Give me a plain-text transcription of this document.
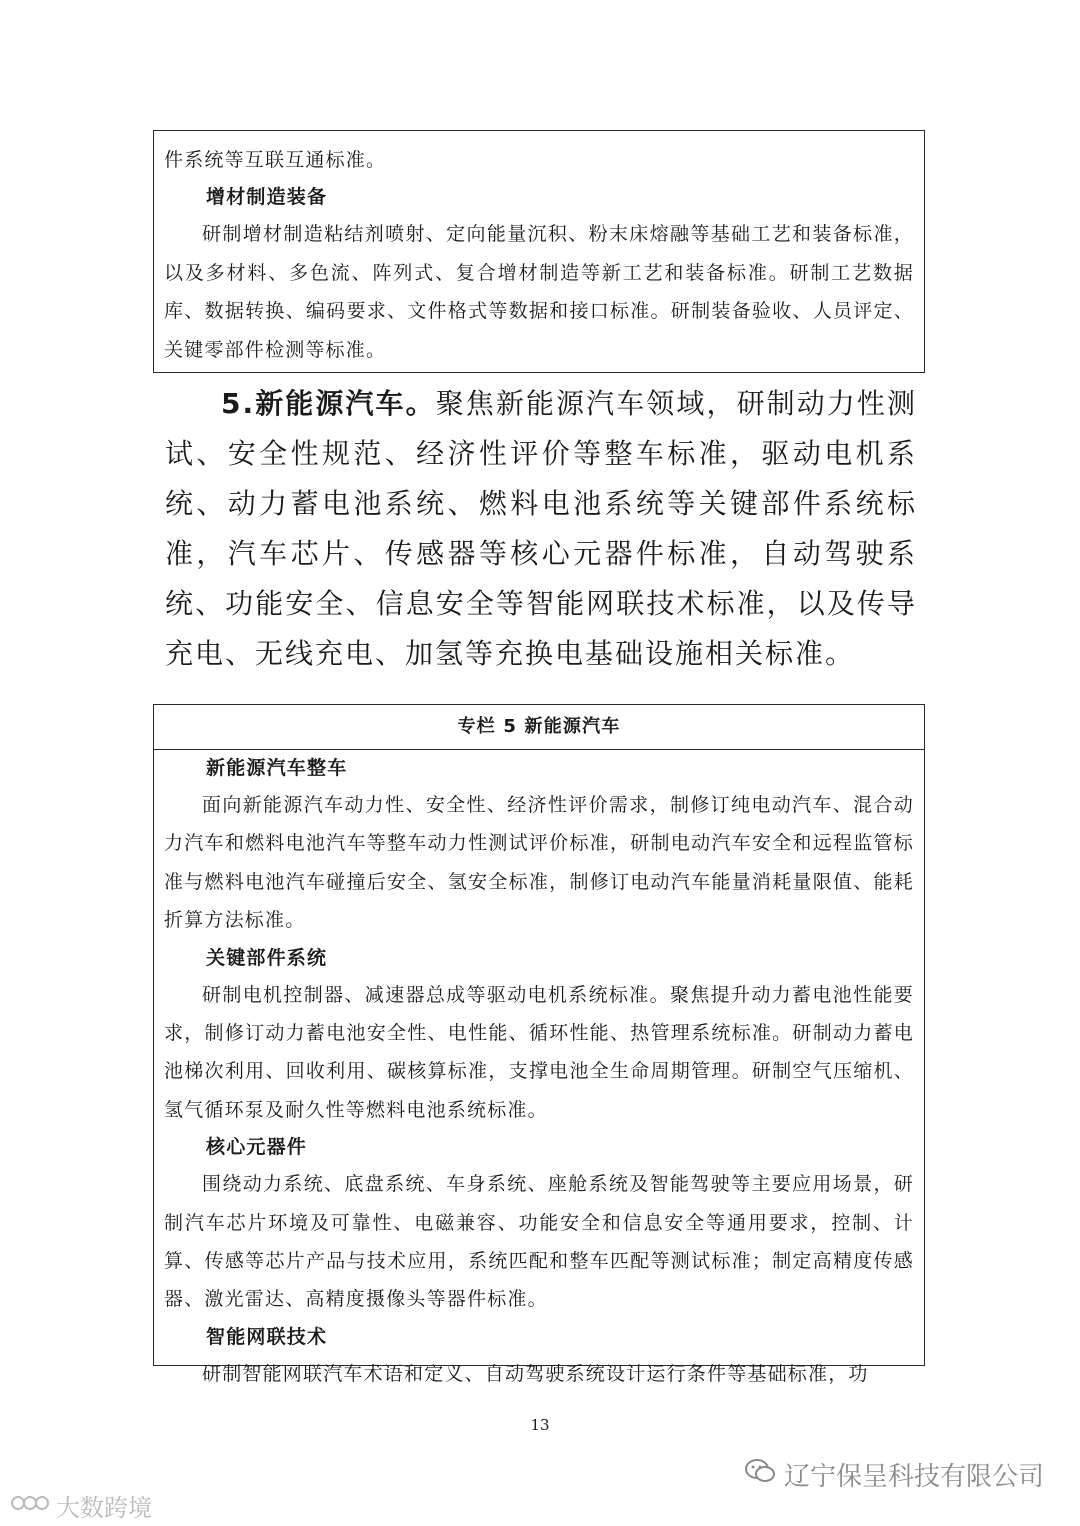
件系统等互联互通标准。

增材制造装备

研制增材制造粘结剂喷射、定向能量沉积、粉末床熔融等基础工艺和装备标准，以及多材料、多色流、阵列式、复合增材制造等新工艺和装备标准。研制工艺数据库、数据转换、编码要求、文件格式等数据和接口标准。研制装备验收、人员评定、关键零部件检测等标准。

5.新能源汽车。聚焦新能源汽车领域，研制动力性测试、安全性规范、经济性评价等整车标准，驱动电机系统、动力蓄电池系统、燃料电池系统等关键部件系统标准，汽车芯片、传感器等核心元器件标准，自动驾驶系统、功能安全、信息安全等智能网联技术标准，以及传导充电、无线充电、加氢等充换电基础设施相关标准。

专栏 5 新能源汽车

新能源汽车整车

面向新能源汽车动力性、安全性、经济性评价需求，制修订纯电动汽车、混合动力汽车和燃料电池汽车等整车动力性测试评价标准，研制电动汽车安全和远程监管标准与燃料电池汽车碰撞后安全、氢安全标准，制修订电动汽车能量消耗量限值、能耗折算方法标准。

关键部件系统

研制电机控制器、减速器总成等驱动电机系统标准。聚焦提升动力蓄电池性能要求，制修订动力蓄电池安全性、电性能、循环性能、热管理系统标准。研制动力蓄电池梯次利用、回收利用、碳核算标准，支撑电池全生命周期管理。研制空气压缩机、氢气循环泵及耐久性等燃料电池系统标准。

核心元器件

围绕动力系统、底盘系统、车身系统、座舱系统及智能驾驶等主要应用场景，研制汽车芯片环境及可靠性、电磁兼容、功能安全和信息安全等通用要求，控制、计算、传感等芯片产品与技术应用，系统匹配和整车匹配等测试标准；制定高精度传感器、激光雷达、高精度摄像头等器件标准。

智能网联技术

研制智能网联汽车术语和定义、自动驾驶系统设计运行条件等基础标准，功

13
辽宁保呈科技有限公司
大数跨境
